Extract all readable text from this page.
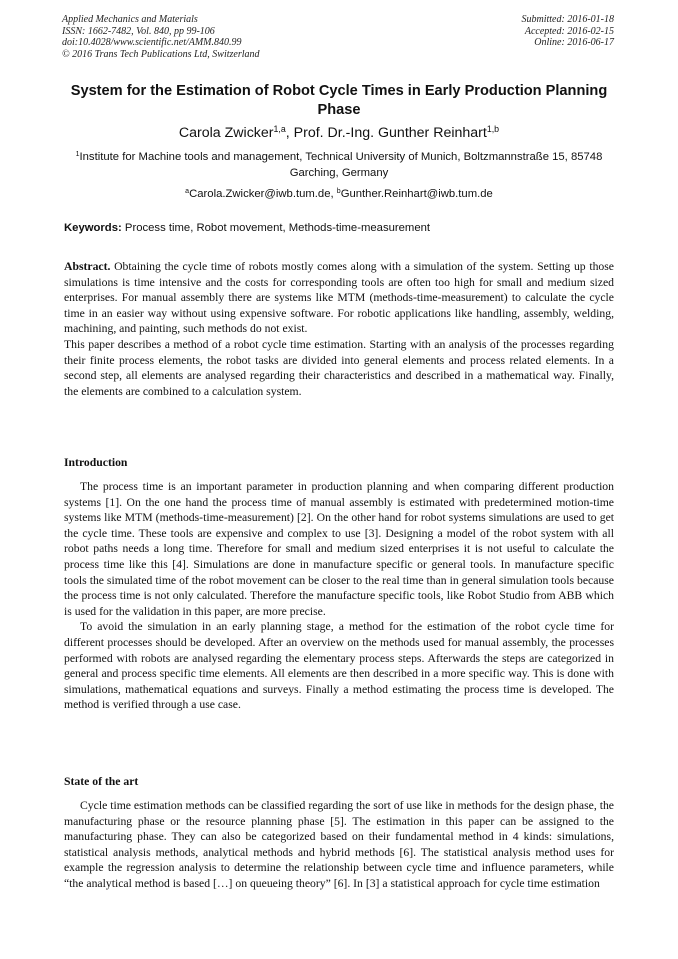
Applied Mechanics and Materials
ISSN: 1662-7482, Vol. 840, pp 99-106
doi:10.4028/www.scientific.net/AMM.840.99
© 2016 Trans Tech Publications Ltd, Switzerland
Submitted: 2016-01-18
Accepted: 2016-02-15
Online: 2016-06-17
System for the Estimation of Robot Cycle Times in Early Production Planning Phase
Carola Zwicker$^{1,a}$, Prof. Dr.-Ing. Gunther Reinhart$^{1,b}$
$^1$Institute for Machine tools and management, Technical University of Munich, Boltzmannstraße 15, 85748 Garching, Germany
$^a$Carola.Zwicker@iwb.tum.de, $^b$Gunther.Reinhart@iwb.tum.de
Keywords: Process time, Robot movement, Methods-time-measurement

Abstract. Obtaining the cycle time of robots mostly comes along with a simulation of the system. Setting up those simulations is time intensive and the costs for corresponding tools are often too high for small and medium sized enterprises. For manual assembly there are systems like MTM (methods-time-measurement) to calculate the cycle time in an easier way without using expensive software. For robotic applications like handling, assembly, welding, machining, and painting, such methods do not exist.

This paper describes a method of a robot cycle time estimation. Starting with an analysis of the processes regarding their finite process elements, the robot tasks are divided into general elements and process related elements. In a second step, all elements are analysed regarding their characteristics and described in a mathematical way. Finally, the elements are combined to a calculation system.

Introduction

The process time is an important parameter in production planning and when comparing different production systems [1]. On the one hand the process time of manual assembly is estimated with predetermined motion-time systems like MTM (methods-time-measurement) [2]. On the other hand for robot systems simulations are used to get the cycle time. These tools are expensive and complex to use [3]. Designing a model of the robot system with all robot paths needs a long time. Therefore for small and medium sized enterprises it is not useful to calculate the process time like this [4]. Simulations are done in manufacture specific or general tools. In manufacture specific tools the simulated time of the robot movement can be closer to the real time than in general simulation tools because the process time is not only calculated. Therefore the manufacture specific tools, like Robot Studio from ABB which is used for the validation in this paper, are more precise.

To avoid the simulation in an early planning stage, a method for the estimation of the robot cycle time for different processes should be developed. After an overview on the methods used for manual assembly, the processes performed with robots are analysed regarding the elementary process steps. Afterwards the steps are categorized in general and process specific time elements. All elements are then described in a more specific way. This is done with simulations, mathematical equations and surveys. Finally a method estimating the process time is developed. The method is verified through a use case.

State of the art

Cycle time estimation methods can be classified regarding the sort of use like in methods for the design phase, the manufacturing phase or the resource planning phase [5]. The estimation in this paper can be assigned to the manufacturing phase. They can also be categorized based on their fundamental method in 4 kinds: simulations, statistical analysis methods, analytical methods and hybrid methods [6]. The statistical analysis method uses for example the regression analysis to determine the relationship between cycle time and influence parameters, while “the analytical method is based […] on queueing theory” [6]. In [3] a statistical approach for cycle time estimation
